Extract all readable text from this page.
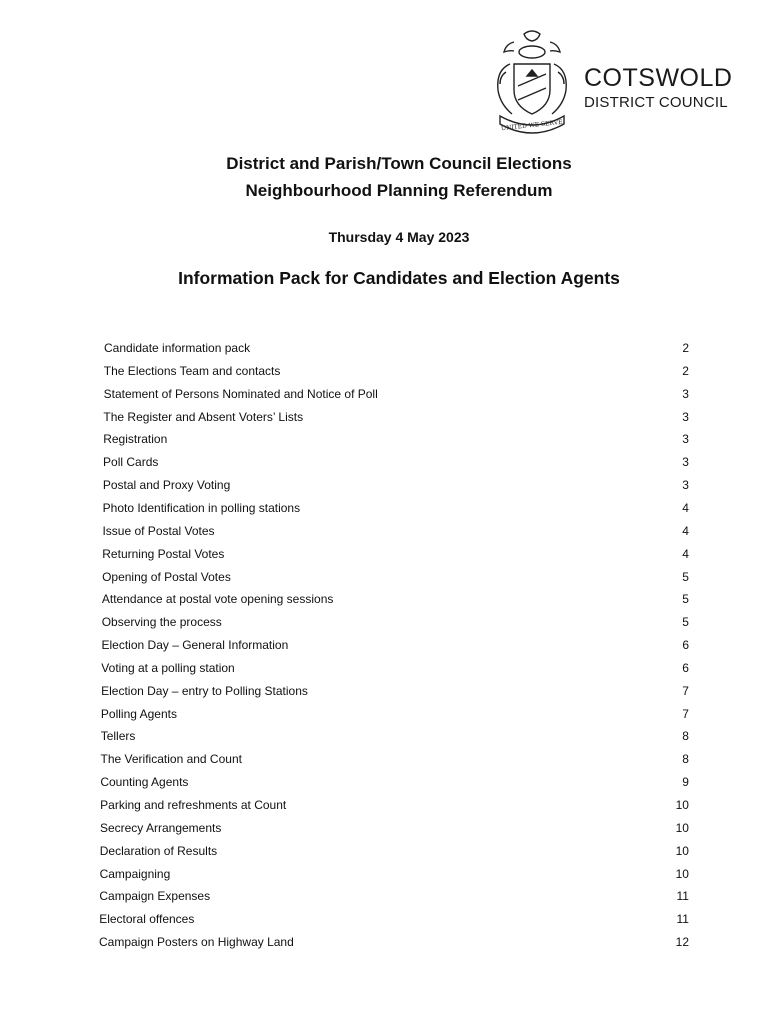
UNITED WE SERVE
COTSWOLD
DISTRICT COUNCIL
District and Parish/Town Council Elections
Neighbourhood Planning Referendum
Thursday 4 May 2023
Information Pack for Candidates and Election Agents
Candidate information pack	2
The Elections Team and contacts	2
Statement of Persons Nominated and Notice of Poll	3
The Register and Absent Voters’ Lists	3
Registration	3
Poll Cards	3
Postal and Proxy Voting	3
Photo Identification in polling stations	4
Issue of Postal Votes	4
Returning Postal Votes	4
Opening of Postal Votes	5
Attendance at postal vote opening sessions	5
Observing the process	5
Election Day – General Information	6
Voting at a polling station	6
Election Day – entry to Polling Stations	7
Polling Agents	7
Tellers	8
The Verification and Count	8
Counting Agents	9
Parking and refreshments at Count	10
Secrecy Arrangements	10
Declaration of Results	10
Campaigning	10
Campaign Expenses	11
Electoral offences	11
Campaign Posters on Highway Land	12
